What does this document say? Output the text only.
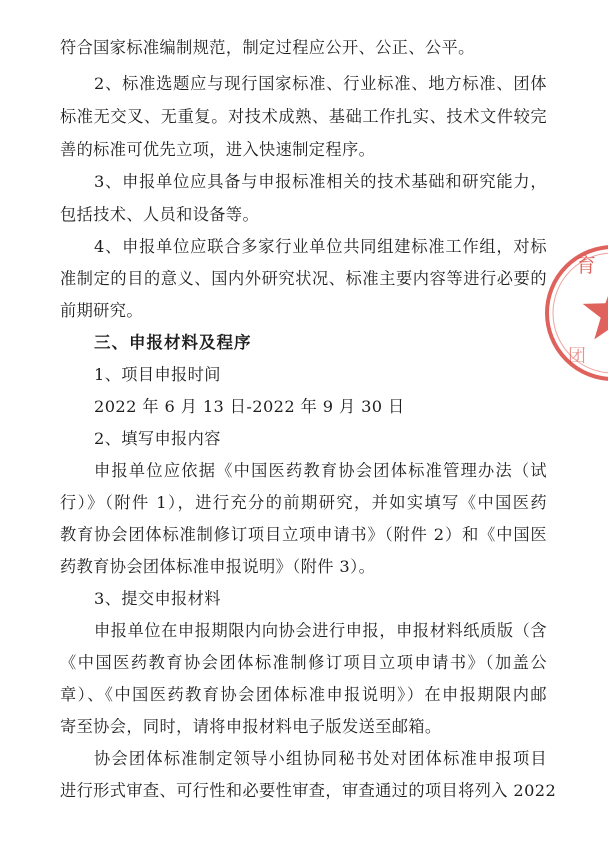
符合国家标准编制规范，制定过程应公开、公正、公平。
2、标准选题应与现行国家标准、行业标准、地方标准、团体
标准无交叉、无重复。对技术成熟、基础工作扎实、技术文件较完
善的标准可优先立项，进入快速制定程序。
3、申报单位应具备与申报标准相关的技术基础和研究能力，
包括技术、人员和设备等。
4、申报单位应联合多家行业单位共同组建标准工作组，对标
准制定的目的意义、国内外研究状况、标准主要内容等进行必要的
前期研究。
三、申报材料及程序
1、项目申报时间
2022 年 6 月 13 日-2022 年 9 月 30 日
2、填写申报内容
申报单位应依据《中国医药教育协会团体标准管理办法（试
行）》（附件 1），进行充分的前期研究，并如实填写《中国医药
教育协会团体标准制修订项目立项申请书》（附件 2）和《中国医
药教育协会团体标准申报说明》（附件 3）。
3、提交申报材料
申报单位在申报期限内向协会进行申报，申报材料纸质版（含
《中国医药教育协会团体标准制修订项目立项申请书》（加盖公
章）、《中国医药教育协会团体标准申报说明》）在申报期限内邮
寄至协会，同时，请将申报材料电子版发送至邮箱。
协会团体标准制定领导小组协同秘书处对团体标准申报项目
进行形式审查、可行性和必要性审查，审查通过的项目将列入 2022
育
团
